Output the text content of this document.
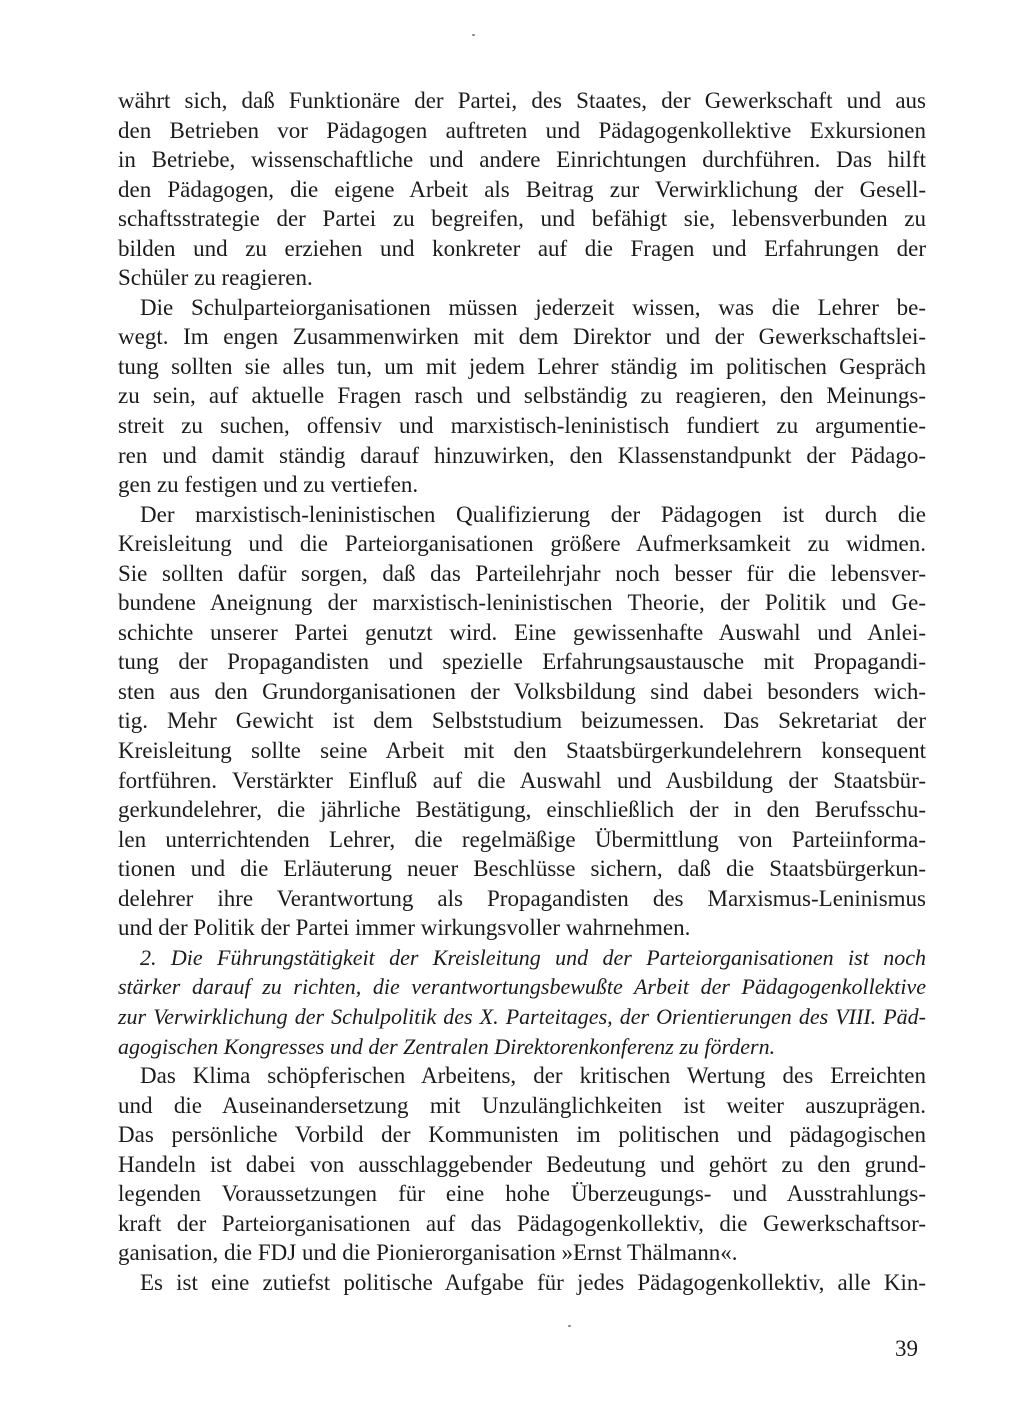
währt sich, daß Funktionäre der Partei, des Staates, der Gewerkschaft und aus
den Betrieben vor Pädagogen auftreten und Pädagogenkollektive Exkursionen
in Betriebe, wissenschaftliche und andere Einrichtungen durchführen. Das hilft
den Pädagogen, die eigene Arbeit als Beitrag zur Verwirklichung der Gesell-
schaftsstrategie der Partei zu begreifen, und befähigt sie, lebensverbunden zu
bilden und zu erziehen und konkreter auf die Fragen und Erfahrungen der
Schüler zu reagieren.
Die Schulparteiorganisationen müssen jederzeit wissen, was die Lehrer be-
wegt. Im engen Zusammenwirken mit dem Direktor und der Gewerkschaftslei-
tung sollten sie alles tun, um mit jedem Lehrer ständig im politischen Gespräch
zu sein, auf aktuelle Fragen rasch und selbständig zu reagieren, den Meinungs-
streit zu suchen, offensiv und marxistisch-leninistisch fundiert zu argumentie-
ren und damit ständig darauf hinzuwirken, den Klassenstandpunkt der Pädago-
gen zu festigen und zu vertiefen.
Der marxistisch-leninistischen Qualifizierung der Pädagogen ist durch die
Kreisleitung und die Parteiorganisationen größere Aufmerksamkeit zu widmen.
Sie sollten dafür sorgen, daß das Parteilehrjahr noch besser für die lebensver-
bundene Aneignung der marxistisch-leninistischen Theorie, der Politik und Ge-
schichte unserer Partei genutzt wird. Eine gewissenhafte Auswahl und Anlei-
tung der Propagandisten und spezielle Erfahrungsaustausche mit Propagandi-
sten aus den Grundorganisationen der Volksbildung sind dabei besonders wich-
tig. Mehr Gewicht ist dem Selbststudium beizumessen. Das Sekretariat der
Kreisleitung sollte seine Arbeit mit den Staatsbürgerkundelehrern konsequent
fortführen. Verstärkter Einfluß auf die Auswahl und Ausbildung der Staatsbür-
gerkundelehrer, die jährliche Bestätigung, einschließlich der in den Berufsschu-
len unterrichtenden Lehrer, die regelmäßige Übermittlung von Parteiinforma-
tionen und die Erläuterung neuer Beschlüsse sichern, daß die Staatsbürgerkun-
delehrer ihre Verantwortung als Propagandisten des Marxismus-Leninismus
und der Politik der Partei immer wirkungsvoller wahrnehmen.
2. Die Führungstätigkeit der Kreisleitung und der Parteiorganisationen ist noch
stärker darauf zu richten, die verantwortungsbewußte Arbeit der Pädagogenkollektive
zur Verwirklichung der Schulpolitik des X. Parteitages, der Orientierungen des VIII. Päd-
agogischen Kongresses und der Zentralen Direktorenkonferenz zu fördern.
Das Klima schöpferischen Arbeitens, der kritischen Wertung des Erreichten
und die Auseinandersetzung mit Unzulänglichkeiten ist weiter auszuprägen.
Das persönliche Vorbild der Kommunisten im politischen und pädagogischen
Handeln ist dabei von ausschlaggebender Bedeutung und gehört zu den grund-
legenden Voraussetzungen für eine hohe Überzeugungs- und Ausstrahlungs-
kraft der Parteiorganisationen auf das Pädagogenkollektiv, die Gewerkschaftsor-
ganisation, die FDJ und die Pionierorganisation »Ernst Thälmann«.
Es ist eine zutiefst politische Aufgabe für jedes Pädagogenkollektiv, alle Kin-
39
